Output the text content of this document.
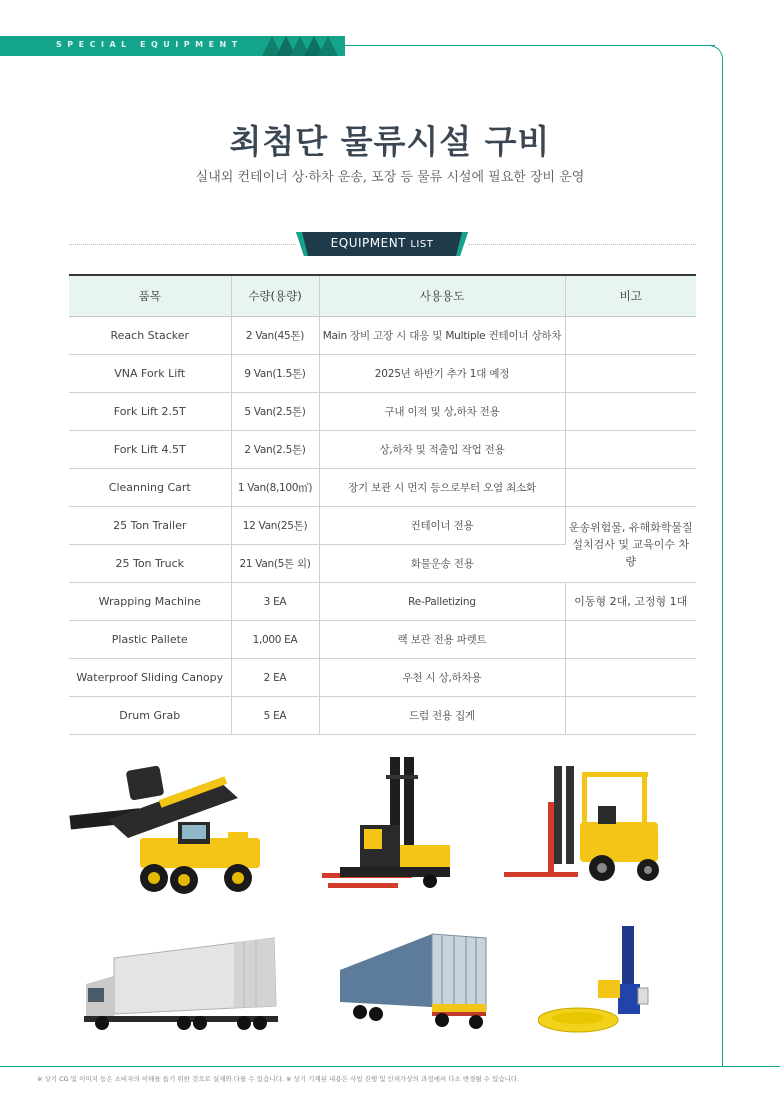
SPECIAL EQUIPMENT
최첨단 물류시설 구비
실내외 컨테이너 상·하차 운송, 포장 등 물류 시설에 필요한 장비 운영
EQUIPMENT LIST
품목	수량(용량)	사용용도	비고
Reach Stacker	2 Van(45톤)	Main 장비 고장 시 대응 및 Multiple 컨테이너 상하차	
VNA Fork Lift	9 Van(1.5톤)	2025년 하반기 추가 1대 예정	
Fork Lift 2.5T	5 Van(2.5톤)	구내 이적 및 상,하차 전용	
Fork Lift 4.5T	2 Van(2.5톤)	상,하차 및 적출입 작업 전용	
Cleanning Cart	1 Van(8,100㎡)	장기 보관 시 먼지 등으로부터 오염 최소화	
25 Ton Trailer	12 Van(25톤)	컨테이너 전용	운송위험물, 유해화학물질
설치검사 및 교육이수 차량

25 Ton Truck	21 Van(5톤 외)	화물운송 전용	
Wrapping Machine	3 EA	Re-Palletizing	이동형 2대, 고정형 1대
Plastic Pallete	1,000 EA	랙 보관 전용 파렛트	
Waterproof Sliding Canopy	2 EA	우천 시 상,하차용	
Drum Grab	5 EA	드럼 전용 집게	
※ 상기 CG 및 이미지 등은 소비자의 이해를 돕기 위한 것으로 실제와 다를 수 있습니다. ※ 상기 기재된 내용은 사업 진행 및 인허가상의 과정에서 다소 변경될 수 있습니다.
